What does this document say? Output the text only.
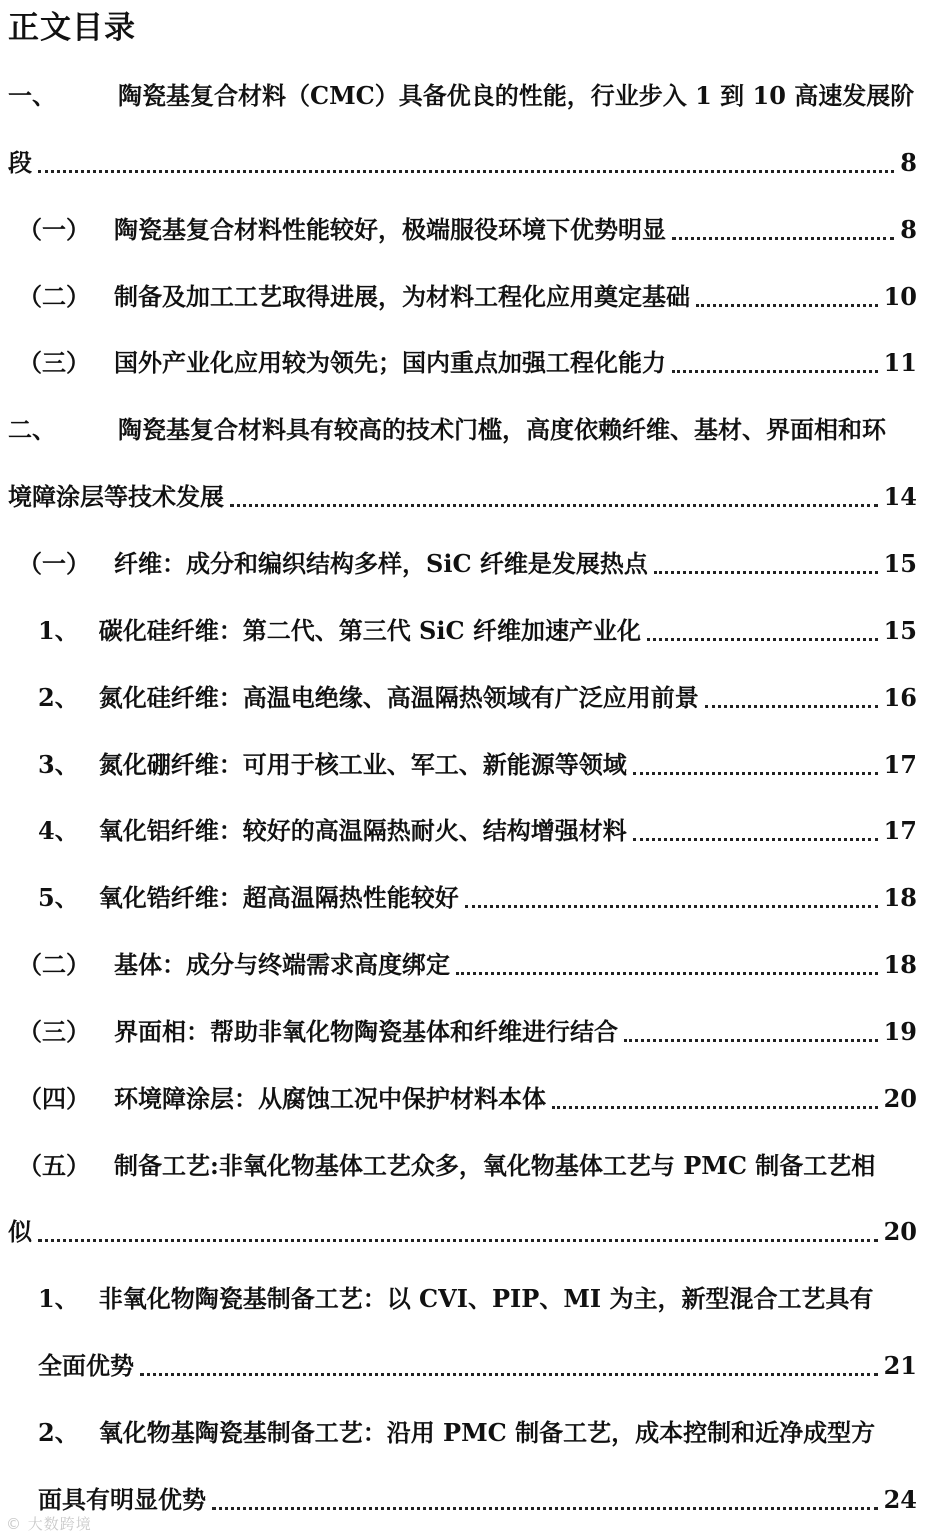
正文目录
一、	陶瓷基复合材料（CMC）具备优良的性能，行业步入 1 到 10 高速发展阶
段	8
（一） 陶瓷基复合材料性能较好，极端服役环境下优势明显	8
（二） 制备及加工工艺取得进展，为材料工程化应用奠定基础	10
（三） 国外产业化应用较为领先；国内重点加强工程化能力	11
二、	陶瓷基复合材料具有较高的技术门槛，高度依赖纤维、基材、界面相和环
境障涂层等技术发展	14
（一） 纤维：成分和编织结构多样，SiC 纤维是发展热点	15
1、 碳化硅纤维：第二代、第三代 SiC 纤维加速产业化	15
2、 氮化硅纤维：高温电绝缘、高温隔热领域有广泛应用前景	16
3、 氮化硼纤维：可用于核工业、军工、新能源等领域	17
4、 氧化铝纤维：较好的高温隔热耐火、结构增强材料	17
5、 氧化锆纤维：超高温隔热性能较好	18
（二） 基体：成分与终端需求高度绑定	18
（三） 界面相：帮助非氧化物陶瓷基体和纤维进行结合	19
（四） 环境障涂层：从腐蚀工况中保护材料本体	20
（五） 制备工艺:非氧化物基体工艺众多，氧化物基体工艺与 PMC 制备工艺相
似	20
1、 非氧化物陶瓷基制备工艺：以 CVI、PIP、MI 为主，新型混合工艺具有
全面优势	21
2、 氧化物基陶瓷基制备工艺：沿用 PMC 制备工艺，成本控制和近净成型方
面具有明显优势	24
© 大数跨境
